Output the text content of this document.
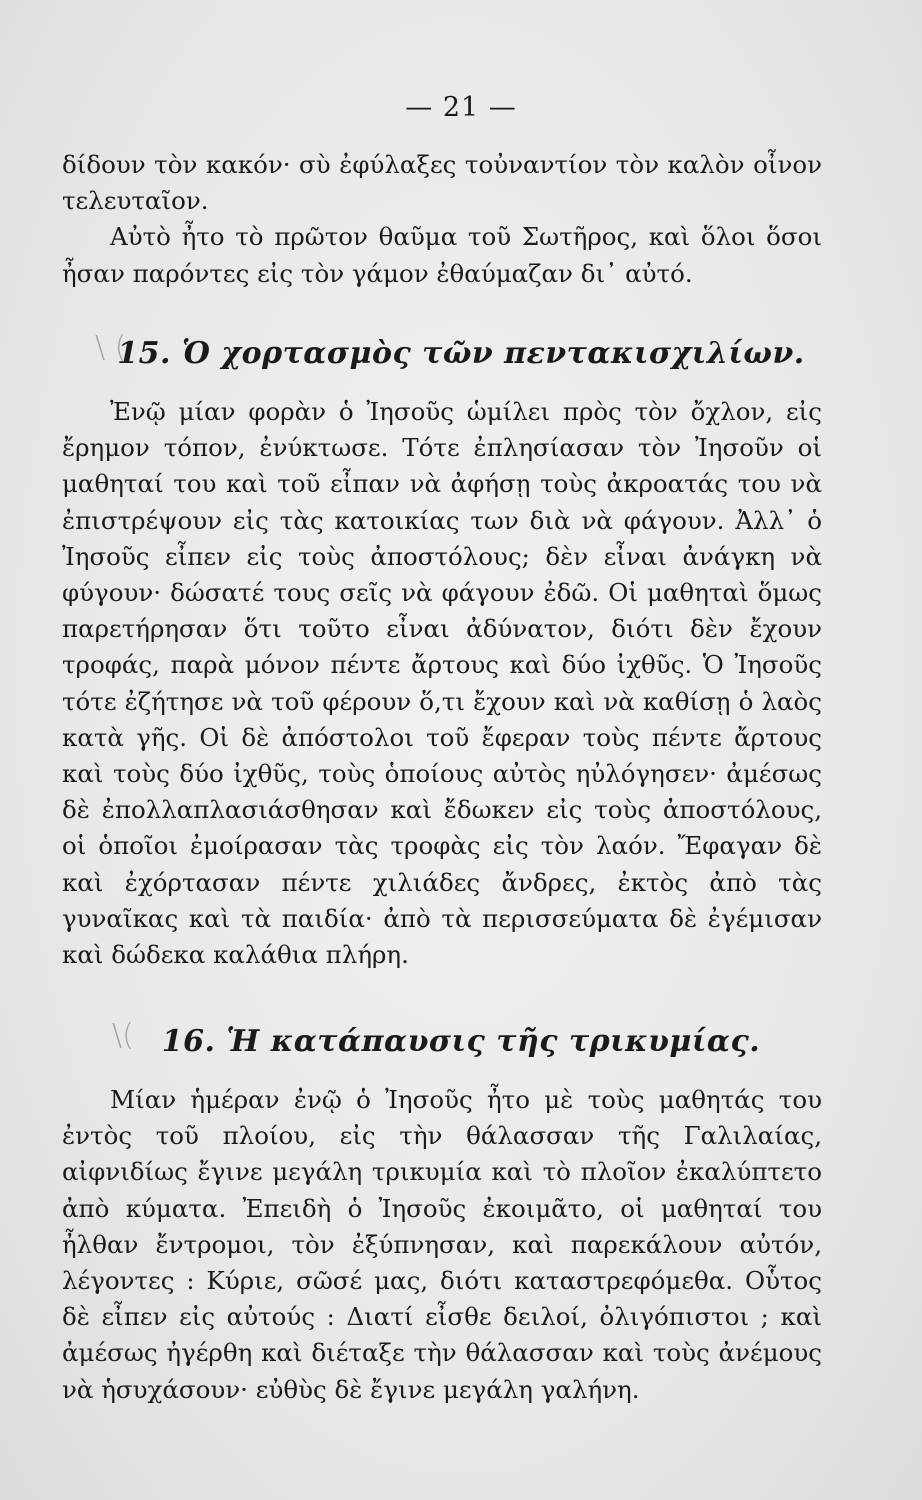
— 21 —

δίδουν τὸν κακόν· σὺ ἐφύλαξες τοὐναντίον τὸν καλὸν οἶνον τελευταῖον.

Αὐτὸ ἦτο τὸ πρῶτον θαῦμα τοῦ Σωτῆρος, καὶ ὅλοι ὅσοι ἦσαν παρόντες εἰς τὸν γάμον ἐθαύμαζαν δι᾽ αὐτό.

\ (
15. Ὁ χορτασμὸς τῶν πεντακισχιλίων.

Ἐνῷ μίαν φορὰν ὁ Ἰησοῦς ὡμίλει πρὸς τὸν ὄχλον, εἰς ἔρημον τόπον, ἐνύκτωσε. Τότε ἐπλησίασαν τὸν Ἰησοῦν οἱ μαθηταί του καὶ τοῦ εἶπαν νὰ ἀφήσῃ τοὺς ἀκροατάς του νὰ ἐπιστρέψουν εἰς τὰς κατοικίας των διὰ νὰ φάγουν. Ἀλλ᾽ ὁ Ἰησοῦς εἶπεν εἰς τοὺς ἀποστόλους; δὲν εἶναι ἀνάγκη νὰ φύγουν· δώσατέ τους σεῖς νὰ φάγουν ἐδῶ. Οἱ μαθηταὶ ὅμως παρετήρησαν ὅτι τοῦτο εἶναι ἀδύνατον, διότι δὲν ἔχουν τροφάς, παρὰ μόνον πέντε ἄρτους καὶ δύο ἰχθῦς. Ὁ Ἰησοῦς τότε ἐζήτησε νὰ τοῦ φέρουν ὅ,τι ἔχουν καὶ νὰ καθίσῃ ὁ λαὸς κατὰ γῆς. Οἱ δὲ ἀπόστολοι τοῦ ἔφεραν τοὺς πέντε ἄρτους καὶ τοὺς δύο ἰχθῦς, τοὺς ὁποίους αὐτὸς ηὐλόγησεν· ἀμέσως δὲ ἐπολλαπλασιάσθησαν καὶ ἔδωκεν εἰς τοὺς ἀποστόλους, οἱ ὁποῖοι ἐμοίρασαν τὰς τροφὰς εἰς τὸν λαόν. Ἔφαγαν δὲ καὶ ἐχόρτασαν πέντε χιλιάδες ἄνδρες, ἐκτὸς ἀπὸ τὰς γυναῖκας καὶ τὰ παιδία· ἀπὸ τὰ περισσεύματα δὲ ἐγέμισαν καὶ δώδεκα καλάθια πλήρη.

\( 16. Ἡ κατάπαυσις τῆς τρικυμίας.

Μίαν ἡμέραν ἐνῷ ὁ Ἰησοῦς ἦτο μὲ τοὺς μαθητάς του ἐντὸς τοῦ πλοίου, εἰς τὴν θάλασσαν τῆς Γαλιλαίας, αἰφνιδίως ἔγινε μεγάλη τρικυμία καὶ τὸ πλοῖον ἐκαλύπτετο ἀπὸ κύματα. Ἐπειδὴ ὁ Ἰησοῦς ἐκοιμᾶτο, οἱ μαθηταί του ἦλθαν ἔντρομοι, τὸν ἐξύπνησαν, καὶ παρεκάλουν αὐτόν, λέγοντες : Κύριε, σῶσέ μας, διότι καταστρεφόμεθα. Οὗτος δὲ εἶπεν εἰς αὐτούς : Διατί εἶσθε δειλοί, ὀλιγόπιστοι ; καὶ ἀμέσως ἠγέρθη καὶ διέταξε τὴν θάλασσαν καὶ τοὺς ἀνέμους νὰ ἡσυχάσουν· εὐθὺς δὲ ἔγινε μεγάλη γαλήνη.
